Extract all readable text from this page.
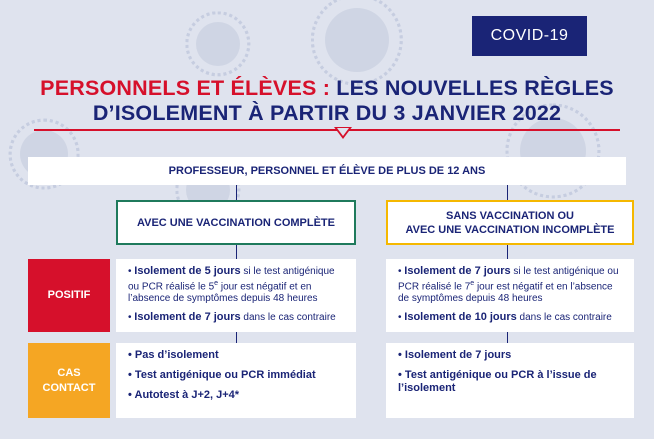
COVID-19
PERSONNELS ET ÉLÈVES : LES NOUVELLES RÈGLES
D’ISOLEMENT À PARTIR DU 3 JANVIER 2022
PROFESSEUR, PERSONNEL ET ÉLÈVE DE PLUS DE 12 ANS
AVEC UNE VACCINATION COMPLÈTE
SANS VACCINATION OU
AVEC UNE VACCINATION INCOMPLÈTE
POSITIF
CAS
CONTACT

• Isolement de 5 jours si le test antigénique ou PCR réalisé le 5e jour est négatif et en l’absence de symptômes depuis 48 heures

• Isolement de 7 jours dans le cas contraire

• Isolement de 7 jours si le test antigénique ou PCR réalisé le 7e jour est négatif et en l’absence de symptômes depuis 48 heures

• Isolement de 10 jours dans le cas contraire

• Pas d’isolement

• Test antigénique ou PCR immédiat

• Autotest à J+2, J+4*

• Isolement de 7 jours

• Test antigénique ou PCR à l’issue de l’isolement
